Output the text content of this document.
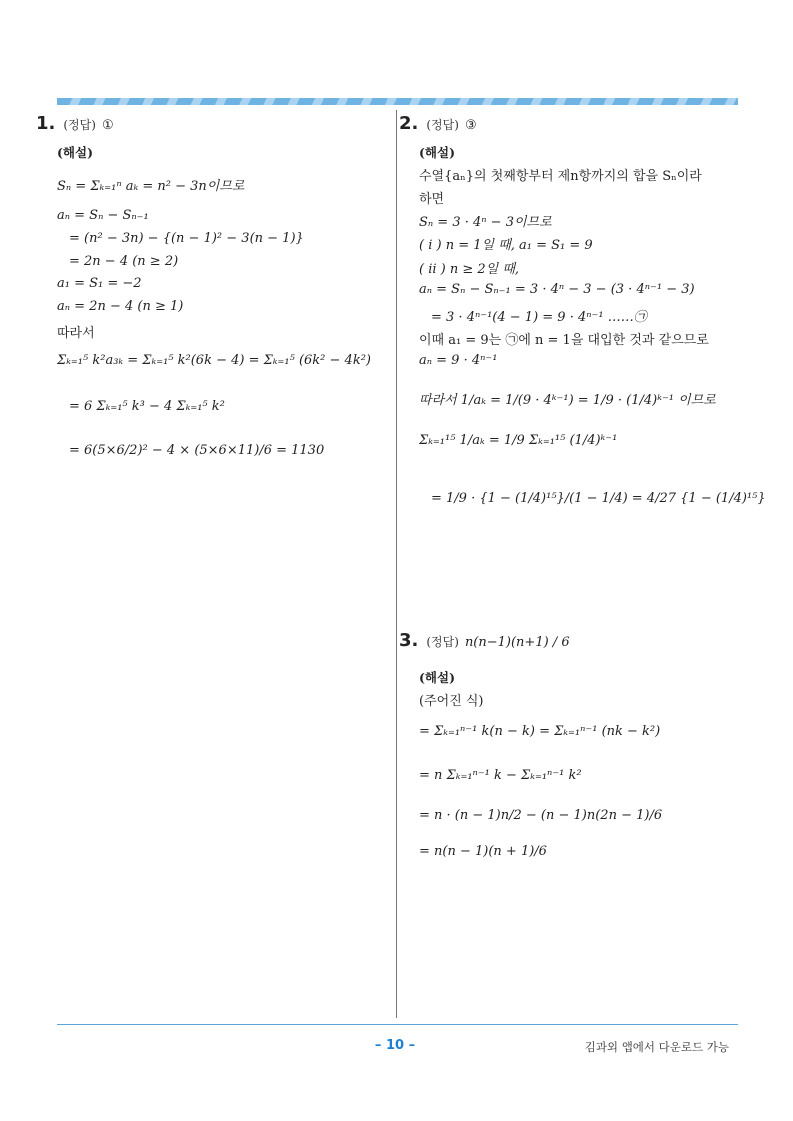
1. (정답) ①
(해설)
Sₙ = Σₖ₌₁ⁿ aₖ = n² − 3n이므로
aₙ = Sₙ − Sₙ₋₁
= (n² − 3n) − {(n − 1)² − 3(n − 1)}
= 2n − 4 (n ≥ 2)
a₁ = S₁ = −2
aₙ = 2n − 4 (n ≥ 1)
따라서
Σₖ₌₁⁵ k²a₃ₖ = Σₖ₌₁⁵ k²(6k − 4) = Σₖ₌₁⁵ (6k² − 4k²)
= 6 Σₖ₌₁⁵ k³ − 4 Σₖ₌₁⁵ k²
= 6(5×6/2)² − 4 × (5×6×11)/6 = 1130
2. (정답) ③
(해설)
수열{aₙ}의 첫째항부터 제n항까지의 합을 Sₙ이라
하면
Sₙ = 3 · 4ⁿ − 3이므로
( i ) n = 1일 때, a₁ = S₁ = 9
( ii ) n ≥ 2일 때,
aₙ = Sₙ − Sₙ₋₁ = 3 · 4ⁿ − 3 − (3 · 4ⁿ⁻¹ − 3)
= 3 · 4ⁿ⁻¹(4 − 1) = 9 · 4ⁿ⁻¹ ……㉠
이때 a₁ = 9는 ㉠에 n = 1을 대입한 것과 같으므로
aₙ = 9 · 4ⁿ⁻¹
따라서 1/aₖ = 1/(9 · 4ᵏ⁻¹) = 1/9 · (1/4)ᵏ⁻¹ 이므로
Σₖ₌₁¹⁵ 1/aₖ = 1/9 Σₖ₌₁¹⁵ (1/4)ᵏ⁻¹
= 1/9 · {1 − (1/4)¹⁵}/(1 − 1/4) = 4/27 {1 − (1/4)¹⁵}
3. (정답) n(n−1)(n+1) / 6
(해설)
(주어진 식)
= Σₖ₌₁ⁿ⁻¹ k(n − k) = Σₖ₌₁ⁿ⁻¹ (nk − k²)
= n Σₖ₌₁ⁿ⁻¹ k − Σₖ₌₁ⁿ⁻¹ k²
= n · (n − 1)n/2 − (n − 1)n(2n − 1)/6
= n(n − 1)(n + 1)/6
– 10 –	김과외 앱에서 다운로드 가능
